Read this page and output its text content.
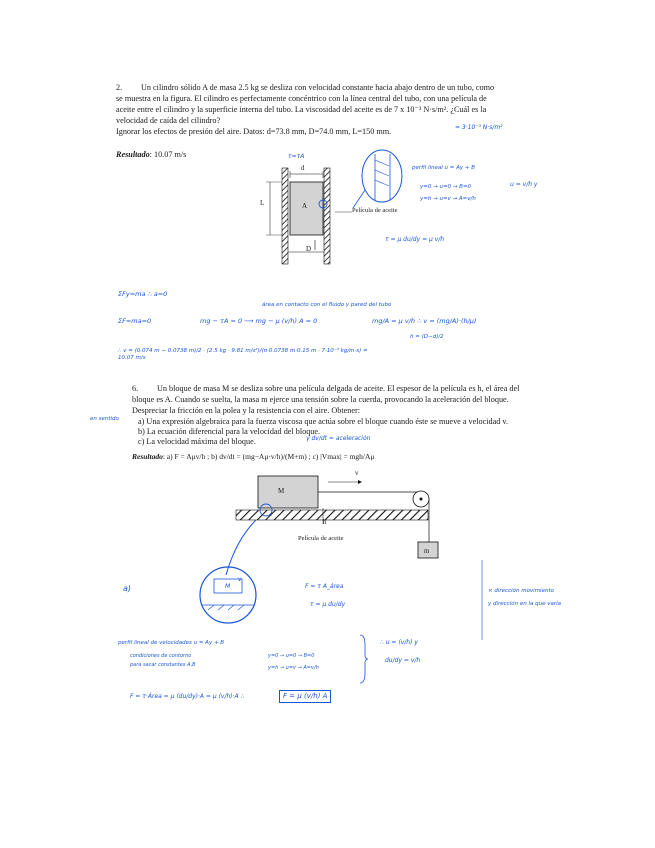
2. Un cilindro sólido A de masa 2.5 kg se desliza con velocidad constante hacia abajo dentro de un tubo, como
se muestra en la figura. El cilindro es perfectamente concéntrico con la línea central del tubo, con una película de
aceite entre el cilindro y la superficie interna del tubo. La viscosidad del aceite es de 7 x 10⁻³ N·s/m². ¿Cuál es la
velocidad de caída del cilindro?
Ignorar los efectos de presión del aire. Datos: d=73.8 mm, D=74.0 mm, L=150 mm.	= 3·10⁻³ N·s/m²
Resultado: 10.07 m/s
d
L	A
D
Película de aceite
τ=τA
perfil lineal u = Ay + B
y=0 → u=0 → B=0
y=h → u=v → A=v/h
u = v/h y
τ = μ du/dy = μ v/h
ΣFy=ma ∴ a=0
ΣF=ma=0
área en contacto con el fluido y pared del tubo
mg − τA = 0 ⟶ mg − μ (v/h) A = 0	mg/A = μ v/h ∴ v = (mg/A)·(h/μ)
h = (D−d)/2
∴ v = (0.074 m − 0.0738 m)/2 · (2.5 kg · 9.81 m/s²)/(π·0.0738 m·0.15 m · 7·10⁻³ kg/m·s) = 10.07 m/s
6. Un bloque de masa M se desliza sobre una película delgada de aceite. El espesor de la película es h, el área del
bloque es A. Cuando se suelta, la masa m ejerce una tensión sobre la cuerda, provocando la aceleración del bloque.
Despreciar la fricción en la polea y la resistencia con el aire. Obtener:
a) Una expresión algebraica para la fuerza viscosa que actúa sobre el bloque cuando éste se mueve a velocidad v.
b) La ecuación diferencial para la velocidad del bloque.
c) La velocidad máxima del bloque.
en sentido
γ dv/dt = aceleración
Resultado: a) F = Aμv/h ; b) dv/dt = (mg−Aμ·v/h)/(M+m) ; c) |Vmax| = mgh/Aμ
M
v
h
m
Película de aceite
M
v
a)	F = τ A_área
τ = μ du/dy
× dirección movimiento
y dirección en la que varía
perfil lineal de velocidades u = Ay + B
condiciones de contorno
para sacar constantes A,B
y=0 → u=0 → B=0
y=h → u=v → A=v/h
∴ u = (v/h) y
du/dy = v/h
F = τ·Área = μ (du/dy)·A = μ (v/h)·A ∴	F = μ (v/h) A
